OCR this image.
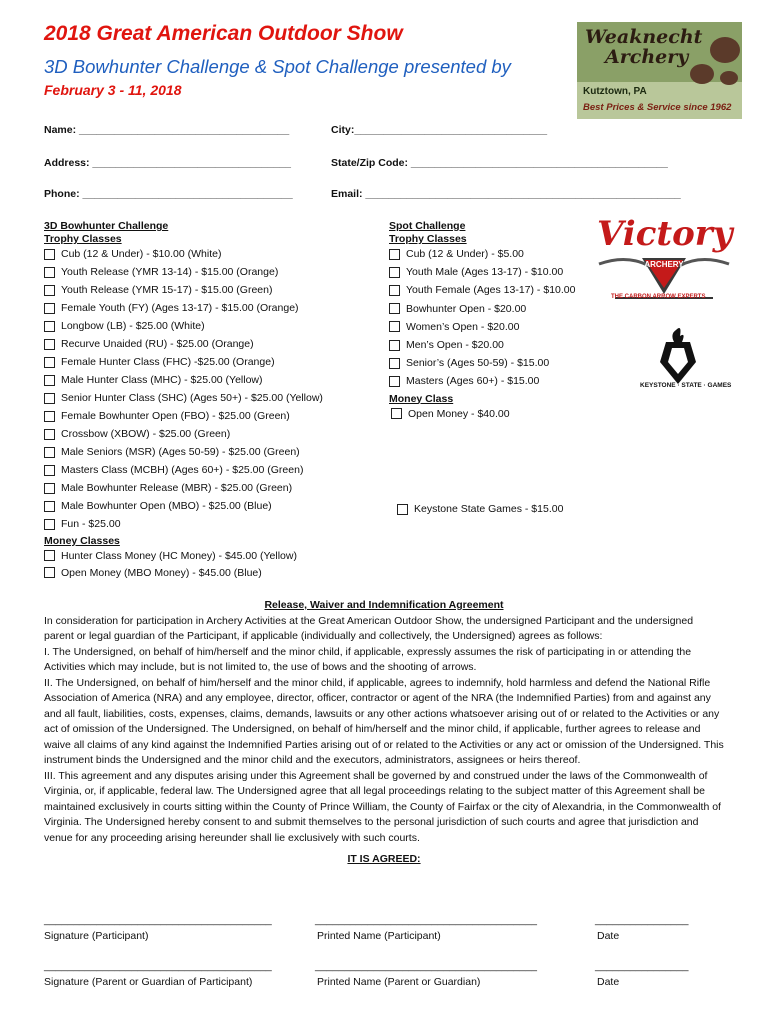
2018 Great American Outdoor Show
3D Bowhunter Challenge & Spot Challenge presented by
February 3 - 11, 2018
Weaknecht
Archery
Kutztown, PA
Best Prices & Service since 1962
Name: ____________________________________	City:_________________________________
Address: __________________________________	State/Zip Code: ____________________________________________
Phone: ____________________________________	Email: ______________________________________________________
3D Bowhunter Challenge
Trophy Classes
Cub (12 & Under) - $10.00 (White)
Youth Release (YMR 13-14) - $15.00 (Orange)
Youth Release (YMR 15-17) - $15.00 (Green)
Female Youth (FY) (Ages 13-17) - $15.00 (Orange)
Longbow (LB) - $25.00 (White)
Recurve Unaided (RU) - $25.00 (Orange)
Female Hunter Class (FHC) -$25.00 (Orange)
Male Hunter Class (MHC) - $25.00 (Yellow)
Senior Hunter Class (SHC) (Ages 50+) - $25.00 (Yellow)
Female Bowhunter Open (FBO) - $25.00 (Green)
Crossbow (XBOW) - $25.00 (Green)
Male Seniors (MSR) (Ages 50-59) - $25.00 (Green)
Masters Class (MCBH) (Ages 60+) - $25.00 (Green)
Male Bowhunter Release (MBR) - $25.00 (Green)
Male Bowhunter Open (MBO) - $25.00 (Blue)
Fun - $25.00
Money Classes
Hunter Class Money (HC Money) - $45.00 (Yellow)
Open Money (MBO Money) - $45.00 (Blue)
Spot Challenge
Trophy Classes
Cub (12 & Under) - $5.00
Youth Male (Ages 13-17) - $10.00
Youth Female (Ages 13-17) - $10.00
Bowhunter Open - $20.00
Women’s Open - $20.00
Men’s Open - $20.00
Senior’s (Ages 50-59) - $15.00
Masters (Ages 60+) - $15.00
Money Class
Open Money - $40.00
Keystone State Games - $15.00
Victory
ARCHERY
THE CARBON ARROW EXPERTS
KEYSTONE · STATE · GAMES

Release, Waiver and Indemnification Agreement

In consideration for participation in Archery Activities at the Great American Outdoor Show, the undersigned Participant and the undersigned parent or legal guardian of the Participant, if applicable (individually and collectively, the Undersigned) agrees as follows:

I. The Undersigned, on behalf of him/herself and the minor child, if applicable, expressly assumes the risk of participating in or attending the Activities which may include, but is not limited to, the use of bows and the shooting of arrows.

II. The Undersigned, on behalf of him/herself and the minor child, if applicable, agrees to indemnify, hold harmless and defend the National Rifle Association of America (NRA) and any employee, director, officer, contractor or agent of the NRA (the Indemnified Parties) from and against any and all fault, liabilities, costs, expenses, claims, demands, lawsuits or any other actions whatsoever arising out of or related to the Activities or any act of omission of the Undersigned. The Undersigned, on behalf of him/herself and the minor child, if applicable, further agrees to release and waive all claims of any kind against the Indemnified Parties arising out of or related to the Activities or any act or omission of the Undersigned. This instrument binds the Undersigned and the minor child and the executors, administrators, assignees or heirs thereof.

III. This agreement and any disputes arising under this Agreement shall be governed by and construed under the laws of the Commonwealth of Virginia, or, if applicable, federal law. The Undersigned agree that all legal proceedings relating to the subject matter of this Agreement shall be maintained exclusively in courts sitting within the County of Prince William, the County of Fairfax or the city of Alexandria, in the Commonwealth of Virginia. The Undersigned hereby consent to and submit themselves to the personal jurisdiction of such courts and agree that jurisdiction and venue for any proceeding arising hereunder shall lie exclusively with such courts.

IT IS AGREED:

_______________________________________	______________________________________	________________
Signature (Participant)	Printed Name (Participant)	Date
_______________________________________	______________________________________	________________
Signature (Parent or Guardian of Participant)	Printed Name (Parent or Guardian)	Date
